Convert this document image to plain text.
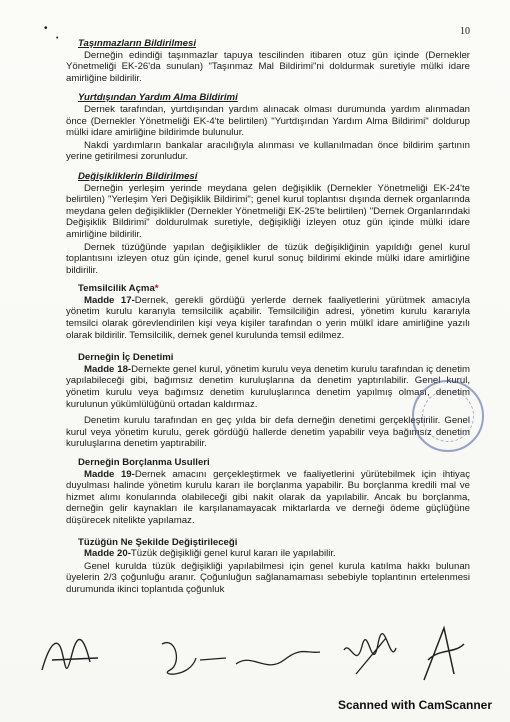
10
•
• Taşınmazların Bildirilmesi

Derneğin edindiği taşınmazlar tapuya tescilinden itibaren otuz gün içinde (Dernekler Yönetmeliği EK-26'da sunulan) "Taşınmaz Mal Bildirimi"ni doldurmak suretiyle mülki idare amirliğine bildirilir.

Yurtdışından Yardım Alma Bildirimi

Dernek tarafından, yurtdışından yardım alınacak olması durumunda yardım alınmadan önce (Dernekler Yönetmeliği EK-4'te belirtilen) "Yurtdışından Yardım Alma Bildirimi" doldurup mülki idare amirliğine bildirimde bulunulur.

Nakdi yardımların bankalar aracılığıyla alınması ve kullanılmadan önce bildirim şartının yerine getirilmesi zorunludur.

Değişikliklerin Bildirilmesi

Derneğin yerleşim yerinde meydana gelen değişiklik (Dernekler Yönetmeliği EK-24'te belirtilen) "Yerleşim Yeri Değişiklik Bildirimi"; genel kurul toplantısı dışında dernek organlarında meydana gelen değişiklikler (Dernekler Yönetmeliği EK-25'te belirtilen) "Dernek Organlarındaki Değişiklik Bildirimi" doldurulmak suretiyle, değişikliği izleyen otuz gün içinde mülki idare amirliğine bildirilir.

Dernek tüzüğünde yapılan değişiklikler de tüzük değişikliğinin yapıldığı genel kurul toplantısını izleyen otuz gün içinde, genel kurul sonuç bildirimi ekinde mülki idare amirliğine bildirilir.

Temsilcilik Açma*

Madde 17-Dernek, gerekli gördüğü yerlerde dernek faaliyetlerini yürütmek amacıyla yönetim kurulu kararıyla temsilcilik açabilir. Temsilciliğin adresi, yönetim kurulu kararıyla temsilci olarak görevlendirilen kişi veya kişiler tarafından o yerin mülkî idare amirliğine yazılı olarak bildirilir. Temsilcilik, dernek genel kurulunda temsil edilmez.

Derneğin İç Denetimi

Madde 18-Dernekte genel kurul, yönetim kurulu veya denetim kurulu tarafından iç denetim yapılabileceği gibi, bağımsız denetim kuruluşlarına da denetim yaptırılabilir. Genel kurul, yönetim kurulu veya bağımsız denetim kuruluşlarınca denetim yapılmış olması, denetim kurulunun yükümlülüğünü ortadan kaldırmaz.

Denetim kurulu tarafından en geç yılda bir defa derneğin denetimi gerçekleştirilir. Genel kurul veya yönetim kurulu, gerek gördüğü hallerde denetim yapabilir veya bağımsız denetim kuruluşlarına denetim yaptırabilir.

Derneğin Borçlanma Usulleri

Madde 19-Dernek amacını gerçekleştirmek ve faaliyetlerini yürütebilmek için ihtiyaç duyulması halinde yönetim kurulu kararı ile borçlanma yapabilir. Bu borçlanma kredili mal ve hizmet alımı konularında olabileceği gibi nakit olarak da yapılabilir. Ancak bu borçlanma, derneğin gelir kaynakları ile karşılanamayacak miktarlarda ve derneği ödeme güçlüğüne düşürecek nitelikte yapılamaz.

Tüzüğün Ne Şekilde Değiştirileceği

Madde 20-Tüzük değişikliği genel kurul kararı ile yapılabilir.

Genel kurulda tüzük değişikliği yapılabilmesi için genel kurula katılma hakkı bulunan üyelerin 2/3 çoğunluğu aranır. Çoğunluğun sağlanamaması sebebiyle toplantının ertelenmesi durumunda ikinci toplantıda çoğunluk

Scanned with CamScanner
